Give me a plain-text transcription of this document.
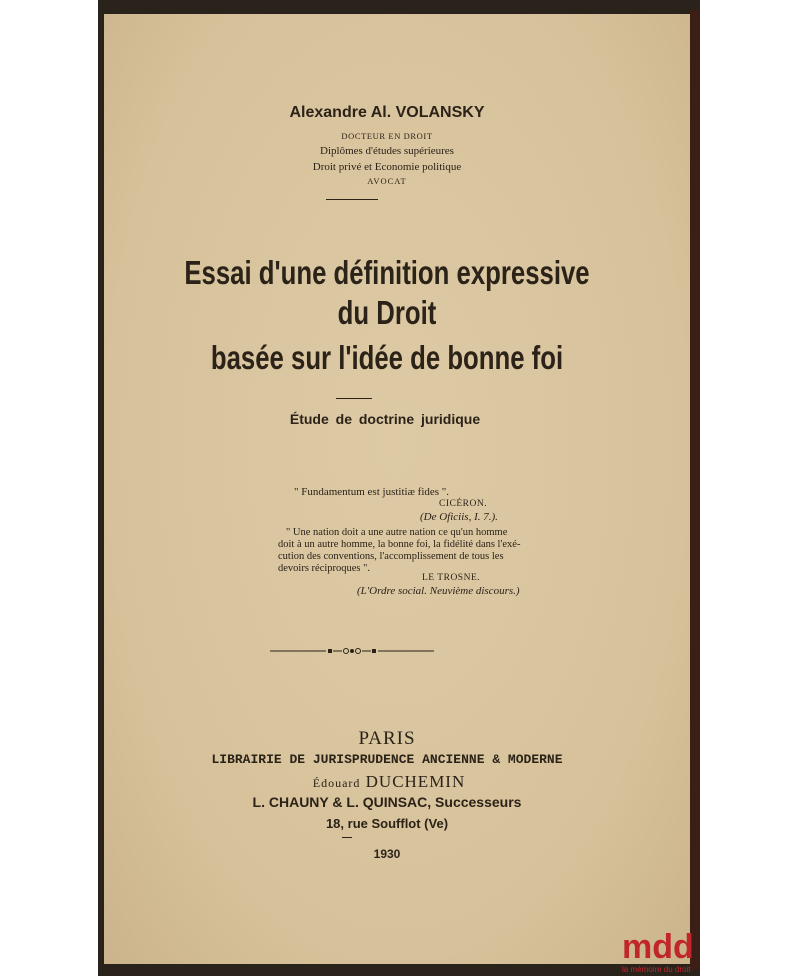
Alexandre Al. VOLANSKY
DOCTEUR EN DROIT
Diplômes d'études supérieures
Droit privé et Economie politique
AVOCAT
Essai d'une définition expressive
du Droit
basée sur l'idée de bonne foi
Étude de doctrine juridique
" Fundamentum est justitiæ fides ".
CICÉRON.
(De Oficiis, I. 7.).
" Une nation doit a une autre nation ce qu'un homme
doit à un autre homme, la bonne foi, la fidélité dans l'exé-
cution des conventions, l'accomplissement de tous les
devoirs réciproques ".
LE TROSNE.
(L'Ordre social. Neuvième discours.)
PARIS
LIBRAIRIE DE JURISPRUDENCE ANCIENNE & MODERNE
Édouard DUCHEMIN
L. CHAUNY & L. QUINSAC, Successeurs
18, rue Soufflot (Ve)
1930
mdd
la mémoire du droit
